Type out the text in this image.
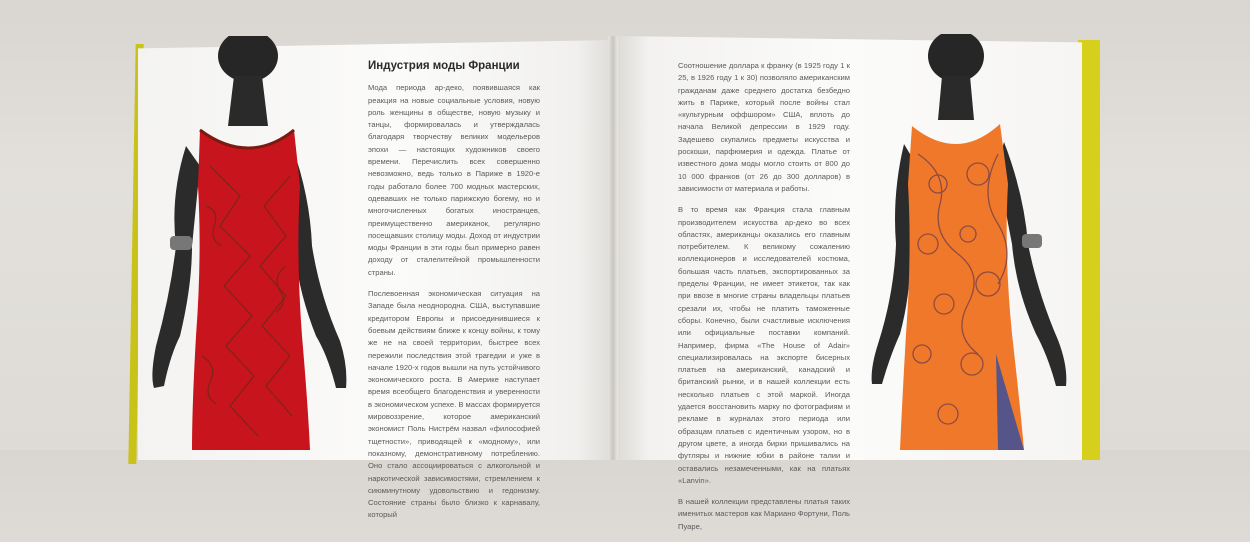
Индустрия моды Франции

Мода периода ар-деко, появившаяся как реакция на новые социальные условия, новую роль женщины в обществе, новую музыку и танцы, формировалась и утверждалась благодаря творчеству великих модельеров эпохи — настоящих художников своего времени. Перечислить всех совершенно невозможно, ведь только в Париже в 1920-е годы работало более 700 модных мастерских, одевавших не только парижскую богему, но и многочисленных богатых иностранцев, преимущественно американок, регулярно посещавших столицу моды. Доход от индустрии моды Франции в эти годы был примерно равен доходу от сталелитейной промышленности страны.

Послевоенная экономическая ситуация на Западе была неоднородна. США, выступавшие кредитором Европы и присоединившиеся к боевым действиям ближе к концу войны, к тому же не на своей территории, быстрее всех пережили последствия этой трагедии и уже в начале 1920-х годов вышли на путь устойчивого экономического роста. В Америке наступает время всеобщего благоденствия и уверенности в экономическом успехе. В массах формируется мировоззрение, которое американский экономист Поль Нистрём назвал «философией тщетности», приводящей к «модному», или показному, демонстративному потреблению. Оно стало ассоциироваться с алкогольной и наркотической зависимостями, стремлением к сиюминутному удовольствию и гедонизму. Состояние страны было близко к карнавалу, который

Соотношение доллара к франку (в 1925 году 1 к 25, в 1926 году 1 к 30) позволяло американским гражданам даже среднего достатка безбедно жить в Париже, который после войны стал «культурным оффшором» США, вплоть до начала Великой депрессии в 1929 году. Задешево скупались предметы искусства и роскоши, парфюмерия и одежда. Платье от известного дома моды могло стоить от 800 до 10 000 франков (от 26 до 300 долларов) в зависимости от материала и работы.

В то время как Франция стала главным производителем искусства ар-деко во всех областях, американцы оказались его главным потребителем. К великому сожалению коллекционеров и исследователей костюма, большая часть платьев, экспортированных за пределы Франции, не имеет этикеток, так как при ввозе в многие страны владельцы платьев срезали их, чтобы не платить таможенные сборы. Конечно, были счастливые исключения или официальные поставки компаний. Например, фирма «The House of Adair» специализировалась на экспорте бисерных платьев на американский, канадский и британский рынки, и в нашей коллекции есть несколько платьев с этой маркой. Иногда удается восстановить марку по фотографиям и рекламе в журналах этого периода или образцам платьев с идентичным узором, но в другом цвете, а иногда бирки пришивались на футляры и нижние юбки в районе талии и оставались незамеченными, как на платьях «Lanvin».

В нашей коллекции представлены платья таких именитых мастеров как Мариано Фортуни, Поль Пуаре,
